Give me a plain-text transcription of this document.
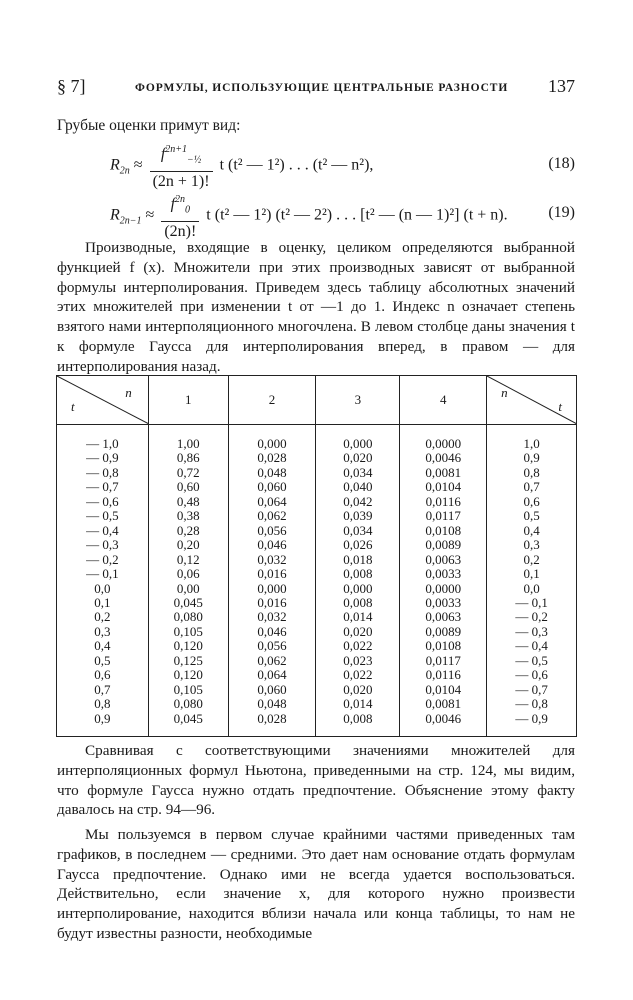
§ 7]	ФОРМУЛЫ, ИСПОЛЬЗУЮЩИЕ ЦЕНТРАЛЬНЫЕ РАЗНОСТИ 137
Грубые оценки примут вид:
$R_{2n} \approx \frac{f^{2n+1}_{-\frac{1}{2}}}{(2n + 1)!}$ t (t² — 1²) . . . (t² — n²),	(18)
$R_{2n-1} \approx \frac{f^{2n}_0}{(2n)!}$ t (t² — 1²) (t² — 2²) . . . [t² — (n — 1)²] (t + n).	(19)

Производные, входящие в оценку, целиком определяются выбранной функцией f (x). Множители при этих производных зависят от выбранной формулы интерполирования. Приведем здесь таблицу абсолютных значений этих множителей при изменении t от —1 до 1. Индекс n означает степень взятого нами интерполяционного многочлена. В левом столбце даны значения t к формуле Гаусса для интерполирования вперед, в правом — для интерполирования назад.

n
t	1	2	3	4	n
t

— 1,0	1,00	0,000	0,000	0,0000	1,0
— 0,9	0,86	0,028	0,020	0,0046	0,9
— 0,8	0,72	0,048	0,034	0,0081	0,8
— 0,7	0,60	0,060	0,040	0,0104	0,7
— 0,6	0,48	0,064	0,042	0,0116	0,6
— 0,5	0,38	0,062	0,039	0,0117	0,5
— 0,4	0,28	0,056	0,034	0,0108	0,4
— 0,3	0,20	0,046	0,026	0,0089	0,3
— 0,2	0,12	0,032	0,018	0,0063	0,2
— 0,1	0,06	0,016	0,008	0,0033	0,1
0,0	0,00	0,000	0,000	0,0000	0,0
0,1	0,045	0,016	0,008	0,0033	— 0,1
0,2	0,080	0,032	0,014	0,0063	— 0,2
0,3	0,105	0,046	0,020	0,0089	— 0,3
0,4	0,120	0,056	0,022	0,0108	— 0,4
0,5	0,125	0,062	0,023	0,0117	— 0,5
0,6	0,120	0,064	0,022	0,0116	— 0,6
0,7	0,105	0,060	0,020	0,0104	— 0,7
0,8	0,080	0,048	0,014	0,0081	— 0,8
0,9	0,045	0,028	0,008	0,0046	— 0,9

Сравнивая с соответствующими значениями множителей для интерполяционных формул Ньютона, приведенными на стр. 124, мы видим, что формуле Гаусса нужно отдать предпочтение. Объяснение этому факту давалось на стр. 94—96.

Мы пользуемся в первом случае крайними частями приведенных там графиков, в последнем — средними. Это дает нам основание отдать формулам Гаусса предпочтение. Однако ими не всегда удается воспользоваться. Действительно, если значение x, для которого нужно произвести интерполирование, находится вблизи начала или конца таблицы, то нам не будут известны разности, необходимые
